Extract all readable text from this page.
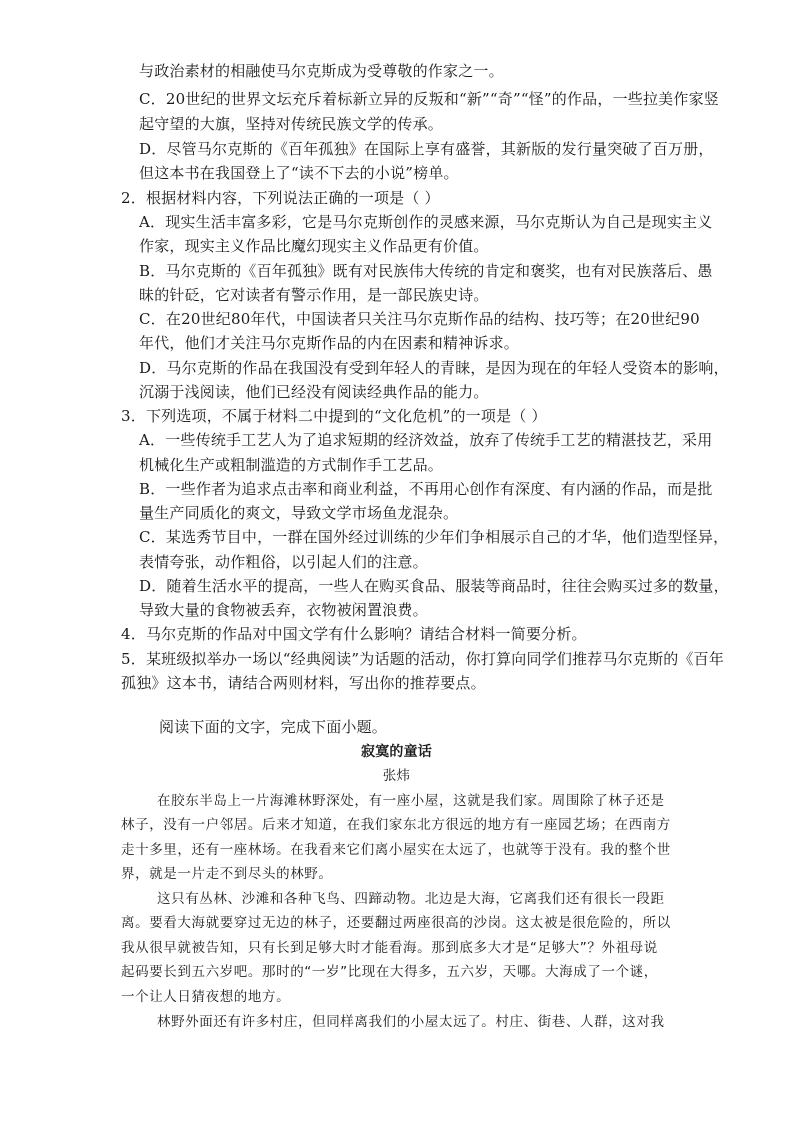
与政治素材的相融使马尔克斯成为受尊敬的作家之一。
C．20世纪的世界文坛充斥着标新立异的反叛和“新”“奇”“怪”的作品，一些拉美作家竖
起守望的大旗，坚持对传统民族文学的传承。
D．尽管马尔克斯的《百年孤独》在国际上享有盛誉，其新版的发行量突破了百万册，
但这本书在我国登上了“读不下去的小说”榜单。
2．根据材料内容，下列说法正确的一项是（ ）
A．现实生活丰富多彩，它是马尔克斯创作的灵感来源，马尔克斯认为自己是现实主义
作家，现实主义作品比魔幻现实主义作品更有价值。
B．马尔克斯的《百年孤独》既有对民族伟大传统的肯定和褒奖，也有对民族落后、愚
昧的针砭，它对读者有警示作用，是一部民族史诗。
C．在20世纪80年代，中国读者只关注马尔克斯作品的结构、技巧等；在20世纪90
年代，他们才关注马尔克斯作品的内在因素和精神诉求。
D．马尔克斯的作品在我国没有受到年轻人的青睐，是因为现在的年轻人受资本的影响，
沉溺于浅阅读，他们已经没有阅读经典作品的能力。
3．下列选项，不属于材料二中提到的“文化危机”的一项是（ ）
A．一些传统手工艺人为了追求短期的经济效益，放弃了传统手工艺的精湛技艺，采用
机械化生产或粗制滥造的方式制作手工艺品。
B．一些作者为追求点击率和商业利益，不再用心创作有深度、有内涵的作品，而是批
量生产同质化的爽文，导致文学市场鱼龙混杂。
C．某选秀节目中，一群在国外经过训练的少年们争相展示自己的才华，他们造型怪异，
表情夸张，动作粗俗，以引起人们的注意。
D．随着生活水平的提高，一些人在购买食品、服装等商品时，往往会购买过多的数量，
导致大量的食物被丢弃，衣物被闲置浪费。
4．马尔克斯的作品对中国文学有什么影响？请结合材料一简要分析。
5．某班级拟举办一场以“经典阅读”为话题的活动，你打算向同学们推荐马尔克斯的《百年
孤独》这本书，请结合两则材料，写出你的推荐要点。
阅读下面的文字，完成下面小题。
寂寞的童话
张炜
在胶东半岛上一片海滩林野深处，有一座小屋，这就是我们家。周围除了林子还是
林子，没有一户邻居。后来才知道，在我们家东北方很远的地方有一座园艺场；在西南方
走十多里，还有一座林场。在我看来它们离小屋实在太远了，也就等于没有。我的整个世
界，就是一片走不到尽头的林野。
这只有丛林、沙滩和各种飞鸟、四蹄动物。北边是大海，它离我们还有很长一段距
离。要看大海就要穿过无边的林子，还要翻过两座很高的沙岗。这太被是很危险的，所以
我从很早就被告知，只有长到足够大时才能看海。那到底多大才是“足够大”？外祖母说
起码要长到五六岁吧。那时的“一岁”比现在大得多，五六岁，天哪。大海成了一个谜，
一个让人日猜夜想的地方。
林野外面还有许多村庄，但同样离我们的小屋太远了。村庄、街巷、人群，这对我
